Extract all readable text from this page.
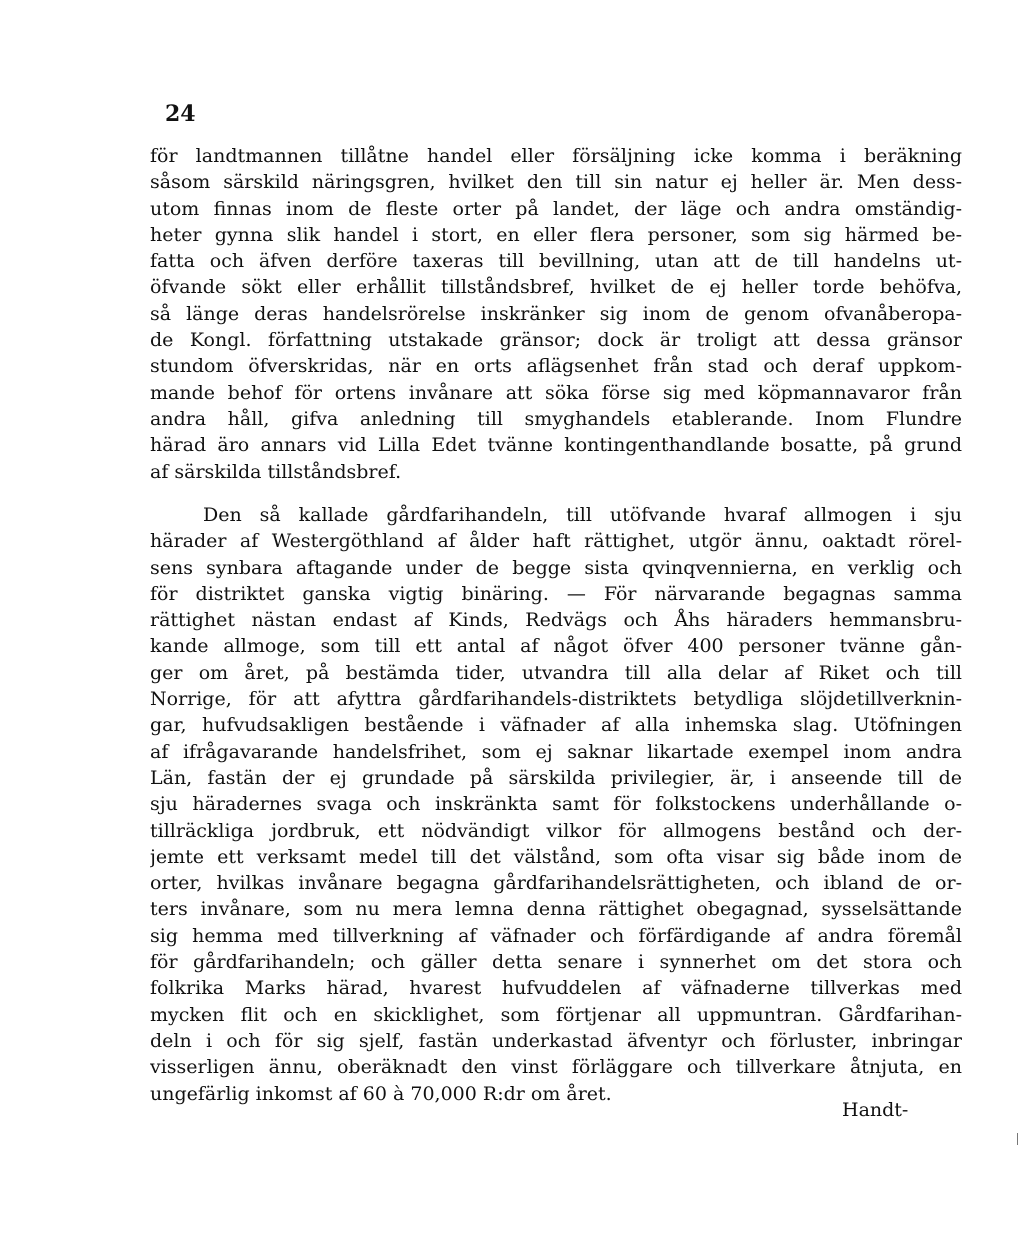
24
för landtmannen tillåtne handel eller försäljning icke komma i beräkning
såsom särskild näringsgren, hvilket den till sin natur ej heller är. Men dess-
utom finnas inom de fleste orter på landet, der läge och andra omständig-
heter gynna slik handel i stort, en eller flera personer, som sig härmed be-
fatta och äfven derföre taxeras till bevillning, utan att de till handelns ut-
öfvande sökt eller erhållit tillståndsbref, hvilket de ej heller torde behöfva,
så länge deras handelsrörelse inskränker sig inom de genom ofvanåberopa-
de Kongl. författning utstakade gränsor; dock är troligt att dessa gränsor
stundom öfverskridas, när en orts aflägsenhet från stad och deraf uppkom-
mande behof för ortens invånare att söka förse sig med köpmannavaror från
andra håll, gifva anledning till smyghandels etablerande. Inom Flundre
härad äro annars vid Lilla Edet tvänne kontingenthandlande bosatte, på grund
af särskilda tillståndsbref.
Den så kallade gårdfarihandeln, till utöfvande hvaraf allmogen i sju
härader af Westergöthland af ålder haft rättighet, utgör ännu, oaktadt rörel-
sens synbara aftagande under de begge sista qvinqvennierna, en verklig och
för distriktet ganska vigtig binäring. — För närvarande begagnas samma
rättighet nästan endast af Kinds, Redvägs och Åhs häraders hemmansbru-
kande allmoge, som till ett antal af något öfver 400 personer tvänne gån-
ger om året, på bestämda tider, utvandra till alla delar af Riket och till
Norrige, för att afyttra gårdfarihandels-distriktets betydliga slöjdetillverknin-
gar, hufvudsakligen bestående i väfnader af alla inhemska slag. Utöfningen
af ifrågavarande handelsfrihet, som ej saknar likartade exempel inom andra
Län, fastän der ej grundade på särskilda privilegier, är, i anseende till de
sju häradernes svaga och inskränkta samt för folkstockens underhållande o-
tillräckliga jordbruk, ett nödvändigt vilkor för allmogens bestånd och der-
jemte ett verksamt medel till det välstånd, som ofta visar sig både inom de
orter, hvilkas invånare begagna gårdfarihandelsrättigheten, och ibland de or-
ters invånare, som nu mera lemna denna rättighet obegagnad, sysselsättande
sig hemma med tillverkning af väfnader och förfärdigande af andra föremål
för gårdfarihandeln; och gäller detta senare i synnerhet om det stora och
folkrika Marks härad, hvarest hufvuddelen af väfnaderne tillverkas med
mycken flit och en skicklighet, som förtjenar all uppmuntran. Gårdfarihan-
deln i och för sig sjelf, fastän underkastad äfventyr och förluster, inbringar
visserligen ännu, oberäknadt den vinst förläggare och tillverkare åtnjuta, en
ungefärlig inkomst af 60 à 70,000 R:dr om året.
Handt-
